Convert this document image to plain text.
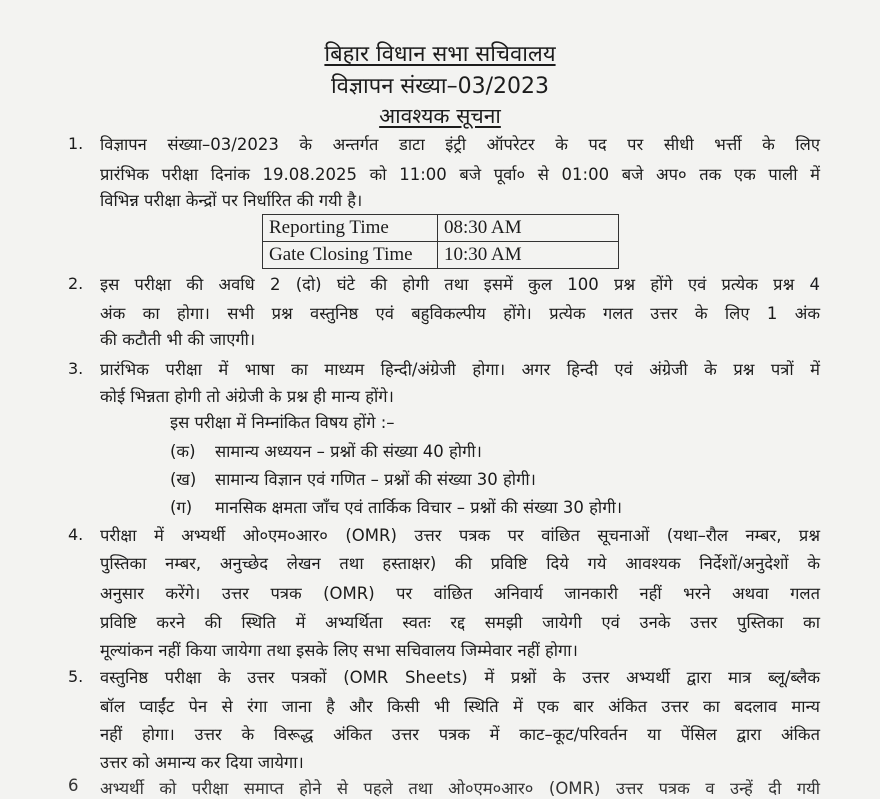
बिहार विधान सभा सचिवालय
विज्ञापन संख्या–03/2023
आवश्यक सूचना
1. विज्ञापन संख्या–03/2023 के अन्तर्गत डाटा इंट्री ऑपरेटर के पद पर सीधी भर्त्ती के लिए
प्रारंभिक परीक्षा दिनांक 19.08.2025 को 11:00 बजे पूर्वा० से 01:00 बजे अप० तक एक पाली में
विभिन्न परीक्षा केन्द्रों पर निर्धारित की गयी है।
Reporting Time	08:30 AM
Gate Closing Time	10:30 AM
2. इस परीक्षा की अवधि 2 (दो) घंटे की होगी तथा इसमें कुल 100 प्रश्न होंगे एवं प्रत्येक प्रश्न 4
अंक का होगा। सभी प्रश्न वस्तुनिष्ठ एवं बहुविकल्पीय होंगे। प्रत्येक गलत उत्तर के लिए 1 अंक
की कटौती भी की जाएगी।
3. प्रारंभिक परीक्षा में भाषा का माध्यम हिन्दी/अंग्रेजी होगा। अगर हिन्दी एवं अंग्रेजी के प्रश्न पत्रों में
कोई भिन्नता होगी तो अंग्रेजी के प्रश्न ही मान्य होंगे।
इस परीक्षा में निम्नांकित विषय होंगे :–
(क) सामान्य अध्ययन – प्रश्नों की संख्या 40 होगी।
(ख) सामान्य विज्ञान एवं गणित – प्रश्नों की संख्या 30 होगी।
(ग) मानसिक क्षमता जाँच एवं तार्किक विचार – प्रश्नों की संख्या 30 होगी।
4. परीक्षा में अभ्यर्थी ओ०एम०आर० (OMR) उत्तर पत्रक पर वांछित सूचनाओं (यथा–रौल नम्बर, प्रश्न
पुस्तिका नम्बर, अनुच्छेद लेखन तथा हस्ताक्षर) की प्रविष्टि दिये गये आवश्यक निर्देशों/अनुदेशों के
अनुसार करेंगे। उत्तर पत्रक (OMR) पर वांछित अनिवार्य जानकारी नहीं भरने अथवा गलत
प्रविष्टि करने की स्थिति में अभ्यर्थिता स्वतः रद्द समझी जायेगी एवं उनके उत्तर पुस्तिका का
मूल्यांकन नहीं किया जायेगा तथा इसके लिए सभा सचिवालय जिम्मेवार नहीं होगा।
5. वस्तुनिष्ठ परीक्षा के उत्तर पत्रकों (OMR Sheets) में प्रश्नों के उत्तर अभ्यर्थी द्वारा मात्र ब्लू/ब्लैक
बॉल प्वाईंट पेन से रंगा जाना है और किसी भी स्थिति में एक बार अंकित उत्तर का बदलाव मान्य
नहीं होगा। उत्तर के विरूद्ध अंकित उत्तर पत्रक में काट–कूट/परिवर्तन या पेंसिल द्वारा अंकित
उत्तर को अमान्य कर दिया जायेगा।
6 अभ्यर्थी को परीक्षा समाप्त होने से पहले तथा ओ०एम०आर० (OMR) उत्तर पत्रक व उन्हें दी गयी
